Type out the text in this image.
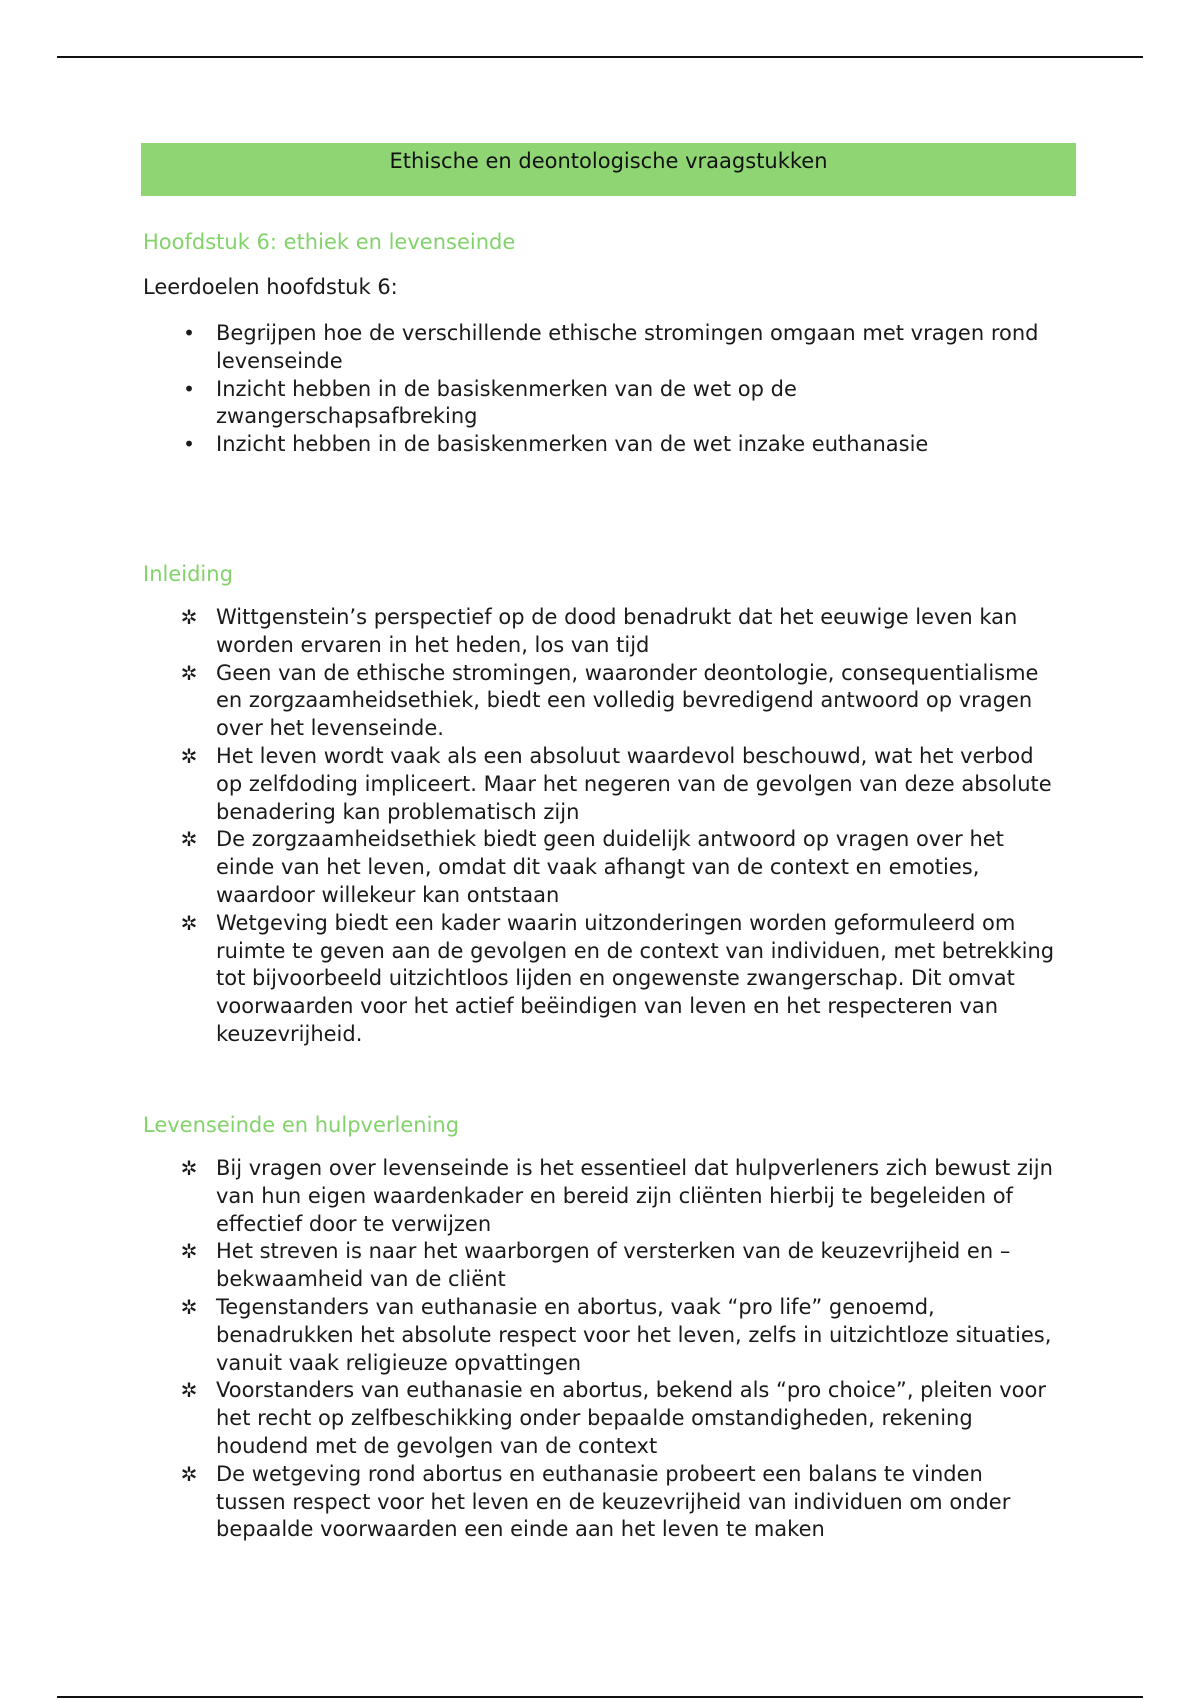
Ethische en deontologische vraagstukken
Hoofdstuk 6: ethiek en levenseinde

Leerdoelen hoofdstuk 6:

• Begrijpen hoe de verschillende ethische stromingen omgaan met vragen rond levenseinde
• Inzicht hebben in de basiskenmerken van de wet op de zwangerschapsafbreking
• Inzicht hebben in de basiskenmerken van de wet inzake euthanasie
Inleiding
✲ Wittgenstein’s perspectief op de dood benadrukt dat het eeuwige leven kan worden ervaren in het heden, los van tijd
✲ Geen van de ethische stromingen, waaronder deontologie, consequentialisme en zorgzaamheidsethiek, biedt een volledig bevredigend antwoord op vragen over het levenseinde.
✲ Het leven wordt vaak als een absoluut waardevol beschouwd, wat het verbod op zelfdoding impliceert. Maar het negeren van de gevolgen van deze absolute benadering kan problematisch zijn
✲ De zorgzaamheidsethiek biedt geen duidelijk antwoord op vragen over het einde van het leven, omdat dit vaak afhangt van de context en emoties, waardoor willekeur kan ontstaan
✲ Wetgeving biedt een kader waarin uitzonderingen worden geformuleerd om ruimte te geven aan de gevolgen en de context van individuen, met betrekking tot bijvoorbeeld uitzichtloos lijden en ongewenste zwangerschap. Dit omvat voorwaarden voor het actief beëindigen van leven en het respecteren van keuzevrijheid.
Levenseinde en hulpverlening
✲ Bij vragen over levenseinde is het essentieel dat hulpverleners zich bewust zijn van hun eigen waardenkader en bereid zijn cliënten hierbij te begeleiden of effectief door te verwijzen
✲ Het streven is naar het waarborgen of versterken van de keuzevrijheid en –bekwaamheid van de cliënt
✲ Tegenstanders van euthanasie en abortus, vaak “pro life” genoemd, benadrukken het absolute respect voor het leven, zelfs in uitzichtloze situaties, vanuit vaak religieuze opvattingen
✲ Voorstanders van euthanasie en abortus, bekend als “pro choice”, pleiten voor het recht op zelfbeschikking onder bepaalde omstandigheden, rekening houdend met de gevolgen van de context
✲ De wetgeving rond abortus en euthanasie probeert een balans te vinden tussen respect voor het leven en de keuzevrijheid van individuen om onder bepaalde voorwaarden een einde aan het leven te maken
